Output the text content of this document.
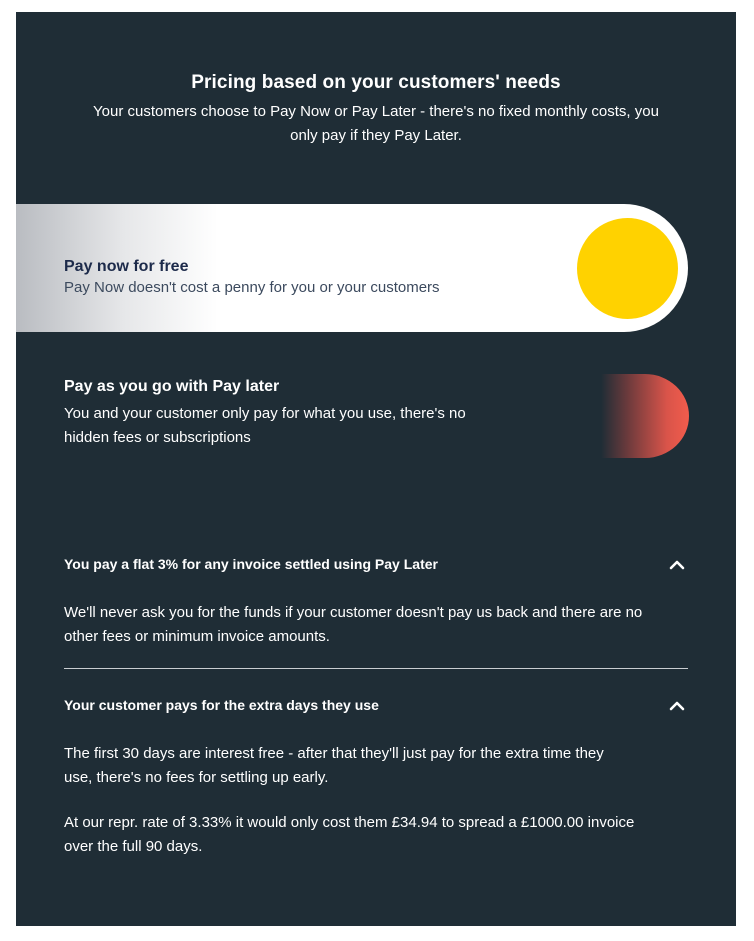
Pricing based on your customers' needs
Your customers choose to Pay Now or Pay Later - there's no fixed monthly costs, you
only pay if they Pay Later.
Pay now for free
Pay Now doesn't cost a penny for you or your customers
Pay as you go with Pay later
You and your customer only pay for what you use, there's no
hidden fees or subscriptions
You pay a flat 3% for any invoice settled using Pay Later
We'll never ask you for the funds if your customer doesn't pay us back and there are no
other fees or minimum invoice amounts.
Your customer pays for the extra days they use
The first 30 days are interest free - after that they'll just pay for the extra time they
use, there's no fees for settling up early.
At our repr. rate of 3.33% it would only cost them £34.94 to spread a £1000.00 invoice
over the full 90 days.
